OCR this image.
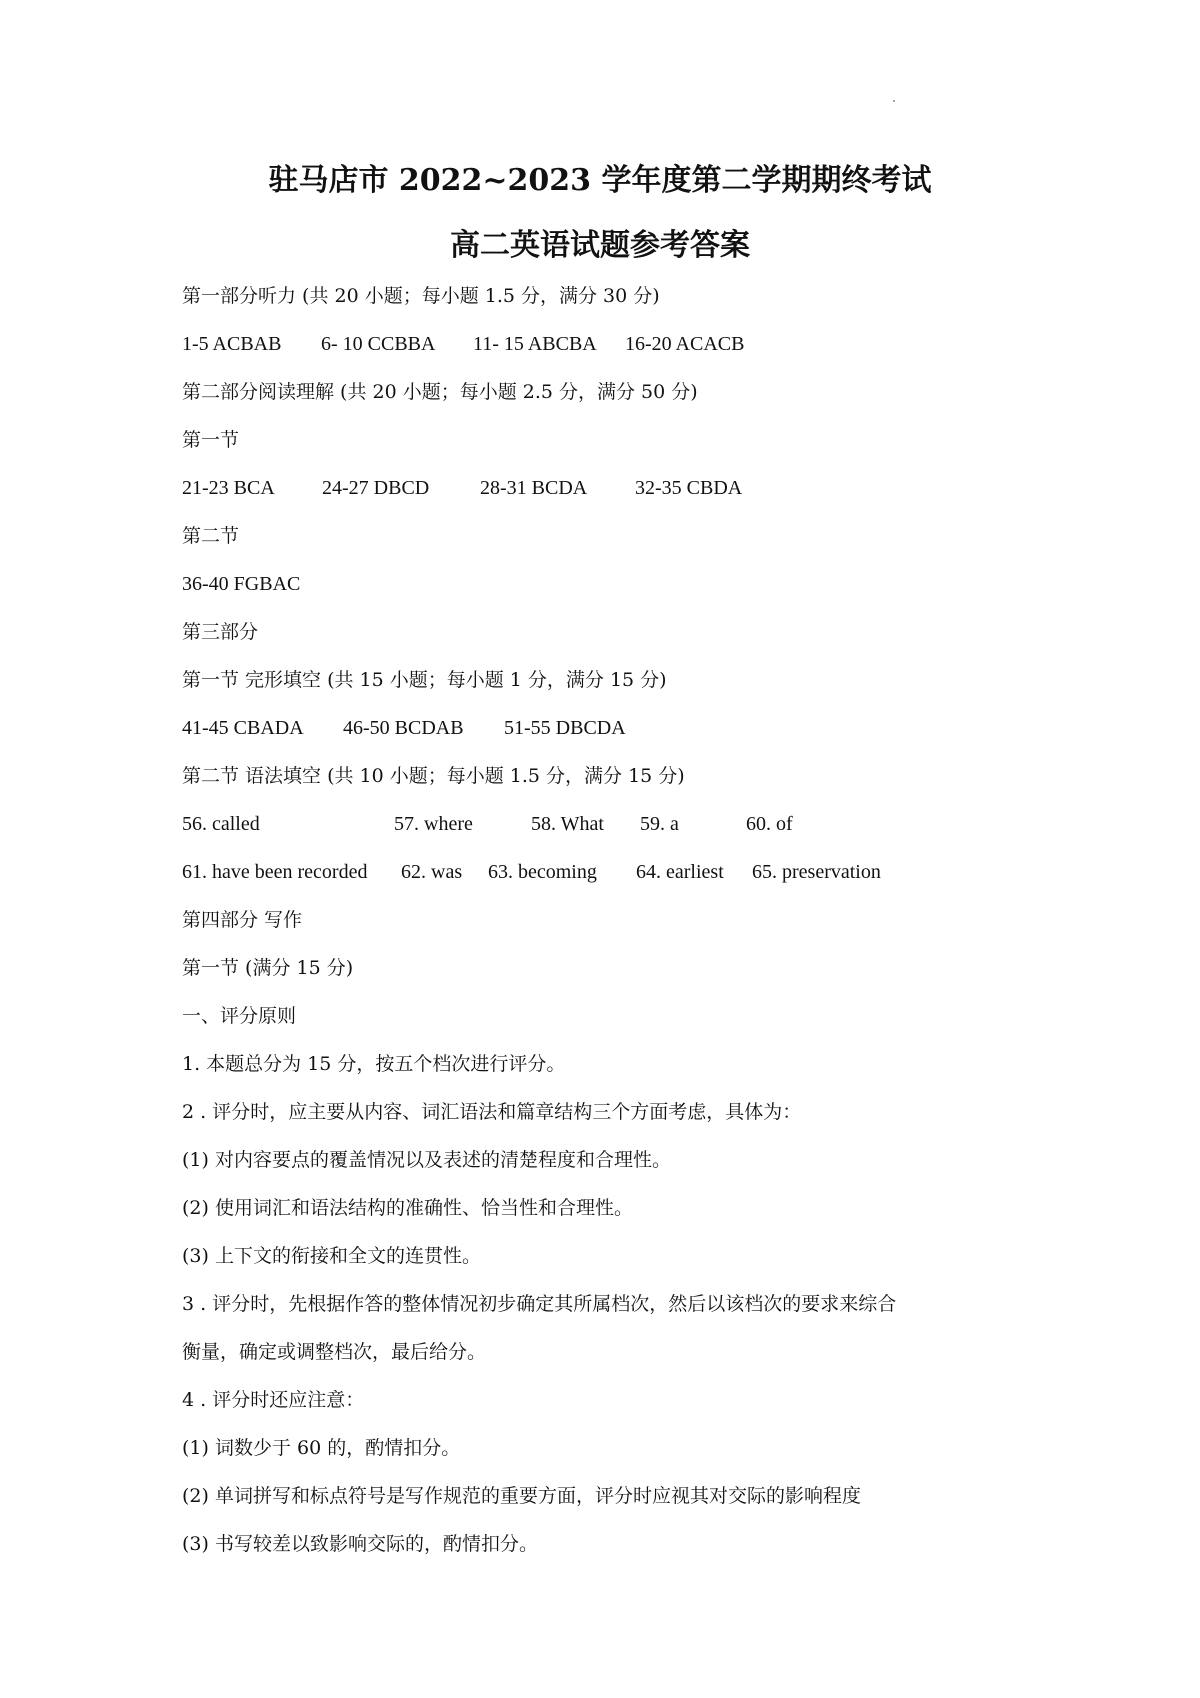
驻马店市 2022~2023 学年度第二学期期终考试
高二英语试题参考答案
第一部分听力 (共 20 小题；每小题 1.5 分，满分 30 分)
1-5 ACBAB 6- 10 CCBBA 11- 15 ABCBA 16-20 ACACB
第二部分阅读理解 (共 20 小题；每小题 2.5 分，满分 50 分)
第一节
21-23 BCA 24-27 DBCD	28-31 BCDA 32-35 CBDA
第二节
36-40 FGBAC
第三部分
第一节 完形填空 (共 15 小题；每小题 1 分，满分 15 分)
41-45 CBADA 46-50 BCDAB 51-55 DBCDA
第二节 语法填空 (共 10 小题；每小题 1.5 分，满分 15 分)
56. called	57. where	58. What 59. a	60. of
61. have been recorded 62. was 63. becoming 64. earliest 65. preservation
第四部分 写作
第一节 (满分 15 分)
一、评分原则
1. 本题总分为 15 分，按五个档次进行评分。
2 . 评分时，应主要从内容、词汇语法和篇章结构三个方面考虑，具体为：
(1) 对内容要点的覆盖情况以及表述的清楚程度和合理性。
(2) 使用词汇和语法结构的准确性、恰当性和合理性。
(3) 上下文的衔接和全文的连贯性。
3 . 评分时，先根据作答的整体情况初步确定其所属档次，然后以该档次的要求来综合
衡量，确定或调整档次，最后给分。
4 . 评分时还应注意：
(1) 词数少于 60 的，酌情扣分。
(2) 单词拼写和标点符号是写作规范的重要方面，评分时应视其对交际的影响程度
(3) 书写较差以致影响交际的，酌情扣分。
